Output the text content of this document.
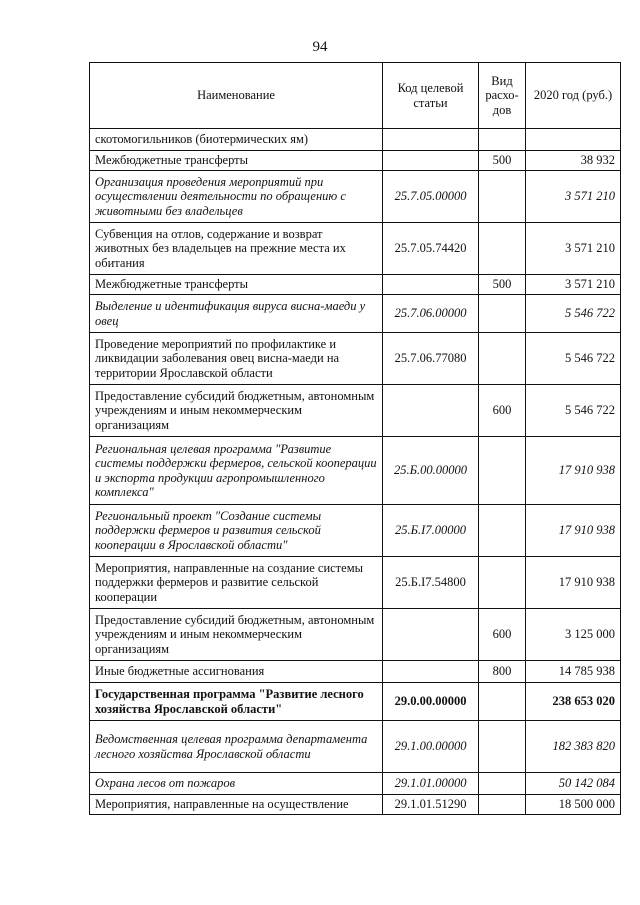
94
Наименование	Код целевой статьи	Вид расхо-дов	2020 год (руб.)
скотомогильников (биотермических ям)			
Межбюджетные трансферты		500	38 932
Организация проведения мероприятий при осуществлении деятельности по обращению с животными без владельцев	25.7.05.00000		3 571 210
Субвенция на отлов, содержание и возврат животных без владельцев на прежние места их обитания	25.7.05.74420		3 571 210
Межбюджетные трансферты		500	3 571 210
Выделение и идентификация вируса висна-маеди у овец	25.7.06.00000		5 546 722
Проведение мероприятий по профилактике и ликвидации заболевания овец висна-маеди на территории Ярославской области	25.7.06.77080		5 546 722
Предоставление субсидий бюджетным, автономным учреждениям и иным некоммерческим организациям		600	5 546 722
Региональная целевая программа "Развитие системы поддержки фермеров, сельской кооперации и экспорта продукции агропромышленного комплекса"	25.Б.00.00000		17 910 938
Региональный проект "Создание системы поддержки фермеров и развития сельской кооперации в Ярославской области"	25.Б.I7.00000		17 910 938
Мероприятия, направленные на создание системы поддержки фермеров и развитие сельской кооперации	25.Б.I7.54800		17 910 938
Предоставление субсидий бюджетным, автономным учреждениям и иным некоммерческим организациям		600	3 125 000
Иные бюджетные ассигнования		800	14 785 938
Государственная программа "Развитие лесного хозяйства Ярославской области"	29.0.00.00000		238 653 020
Ведомственная целевая программа департамента лесного хозяйства Ярославской области	29.1.00.00000		182 383 820
Охрана лесов от пожаров	29.1.01.00000		50 142 084
Мероприятия, направленные на осуществление	29.1.01.51290		18 500 000
